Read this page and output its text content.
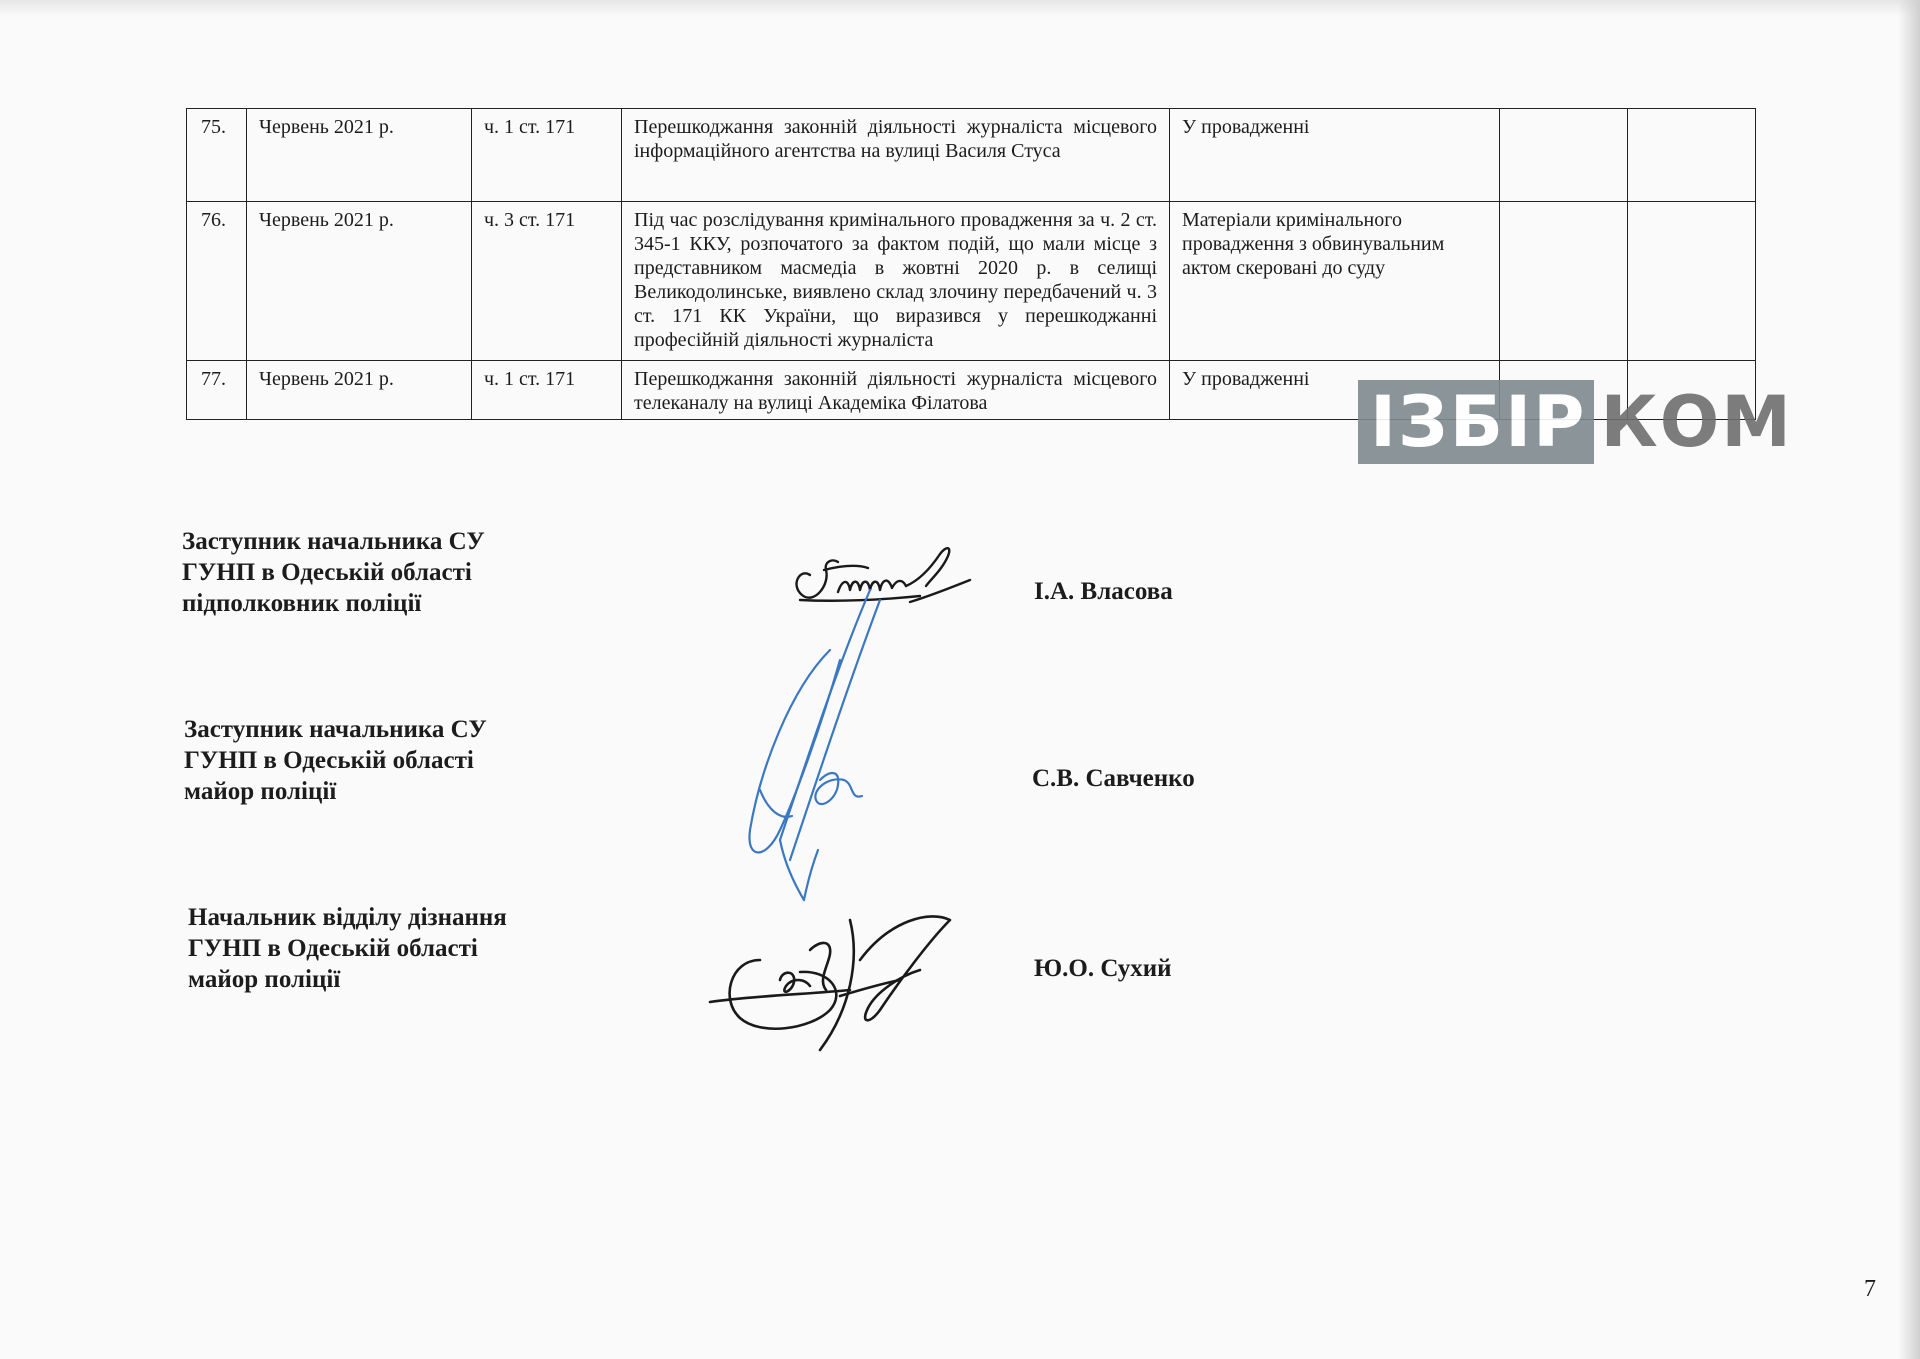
75.	Червень 2021 р.	ч. 1 ст. 171	Перешкоджання законній діяльності журналіста місцевого інформаційного агентства на вулиці Василя Стуса	У провадженні		
76.	Червень 2021 р.	ч. 3 ст. 171	Під час розслідування кримінального провадження за ч. 2 ст. 345-1 ККУ, розпочатого за фактом подій, що мали місце з представником масмедіа в жовтні 2020 р. в селищі Великодолинське, виявлено склад злочину передбачений ч. 3 ст. 171 КК України, що виразився у перешкоджанні професійній діяльності журналіста	Матеріали кримінального провадження з обвинувальним актом скеровані до суду		
77.	Червень 2021 р.	ч. 1 ст. 171	Перешкоджання законній діяльності журналіста місцевого телеканалу на вулиці Академіка Філатова	У провадженні		
ІЗБІР КОМ
Заступник начальника СУ
ГУНП в Одеській області
підполковник поліції	І.А. Власова
Заступник начальника СУ
ГУНП в Одеській області
майор поліції	С.В. Савченко
Начальник відділу дізнання
ГУНП в Одеській області
майор поліції	Ю.О. Сухий
7
